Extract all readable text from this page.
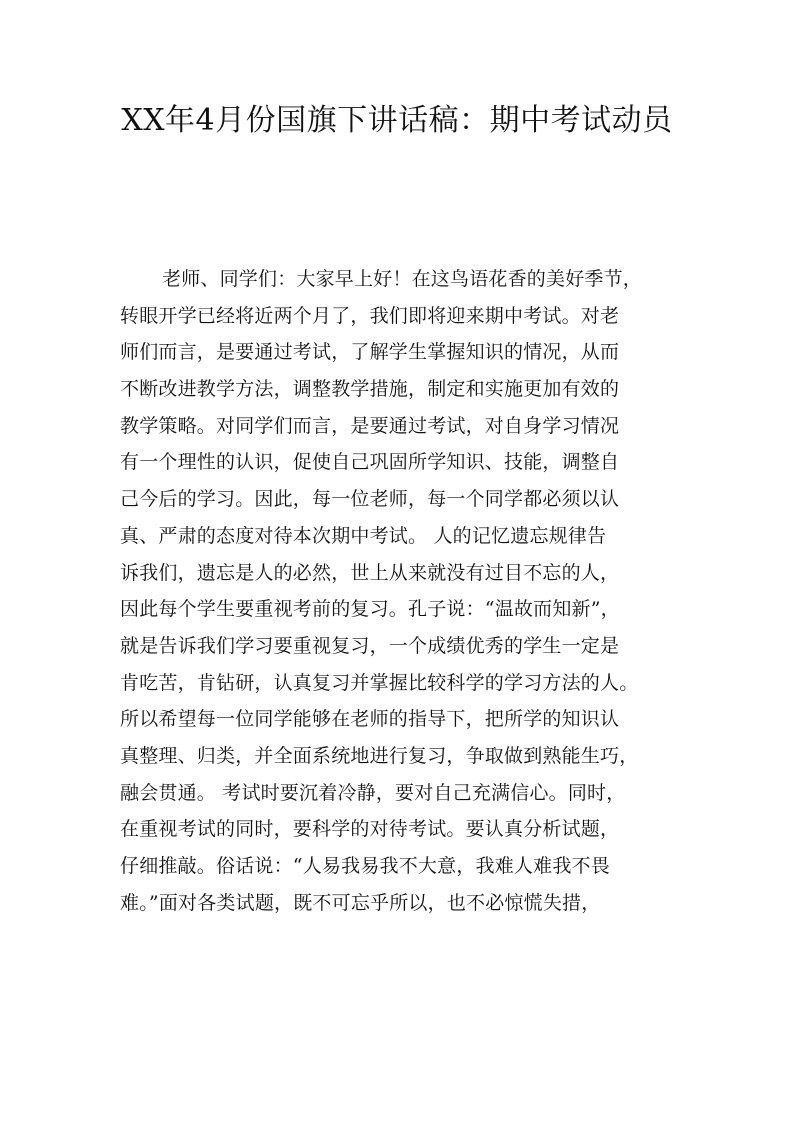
XX年4月份国旗下讲话稿：期中考试动员
老师、同学们：大家早上好！在这鸟语花香的美好季节，
转眼开学已经将近两个月了，我们即将迎来期中考试。对老
师们而言，是要通过考试，了解学生掌握知识的情况，从而
不断改进教学方法，调整教学措施，制定和实施更加有效的
教学策略。对同学们而言，是要通过考试，对自身学习情况
有一个理性的认识，促使自己巩固所学知识、技能，调整自
己今后的学习。因此，每一位老师，每一个同学都必须以认
真、严肃的态度对待本次期中考试。 人的记忆遗忘规律告
诉我们，遗忘是人的必然，世上从来就没有过目不忘的人，
因此每个学生要重视考前的复习。孔子说：“温故而知新”，
就是告诉我们学习要重视复习，一个成绩优秀的学生一定是
肯吃苦，肯钻研，认真复习并掌握比较科学的学习方法的人。
所以希望每一位同学能够在老师的指导下，把所学的知识认
真整理、归类，并全面系统地进行复习，争取做到熟能生巧，
融会贯通。 考试时要沉着冷静，要对自己充满信心。同时，
在重视考试的同时，要科学的对待考试。要认真分析试题，
仔细推敲。俗话说：“人易我易我不大意，我难人难我不畏
难。”面对各类试题，既不可忘乎所以，也不必惊慌失措，
